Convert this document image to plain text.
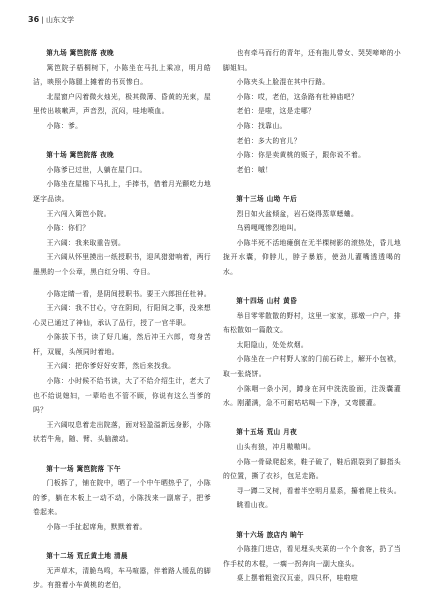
36 | 山东文学

第九场 篱笆院落 夜晚

篱笆院子梧桐树下，小陈坐在马扎上乘凉，明月皓洁，映照小陈腿上摊着的书页惨白。

北屋窗户闪着微火烛光，极其微薄、昏黄的光束，屋里传出咳嗽声，声音烈，沉闷，哇地喷血。

小陈：爹。

第十场 篱笆院落 夜晚

小陈爹已过世，人躺在屋门口。

小陈坐在屋檐下马扎上，手捧书，借着月光颤吃力地逐字品读。

王六闯入篱笆小院。

小陈：你们？

王六阔：我来取重告别。

王六阔从怀里摸出一纸授职书，迎风猎猎响着，两行墨黑的一个公章，黑白红分明、夺目。

小陈定睛一看，是阴间授职书。要王六郎担任杜神。

王六阔：我不甘心，守在阴间，行阳间之事，没来想心灵已通过了神仙，承认了品行，授了一官半职。

小陈拔下书，读了好几遍，然后冲王六郎，弯身苦杆，双履，头颅同时着地。

王六阔：把你爹好好安葬，然后来找我。

小陈：小时候不给书读，大了不给介绍生计，老大了也不给说媳妇，一辈哈也不管不顾，你说有这么当爹的吗？

王六阔叹息着走出院落，面对轻盈溢新远身影，小陈状若牛角，随、臂、头脑激动。

第十一场 篱笆院落 下午

门板拆了，铺在院中，晒了一个中午晒热乎了，小陈的爹，躺在木板上一动不动，小陈找来一副席子，把爹卷起来。

小陈一手扯起席角，默默着着。

第十二场 荒丘黄土地 清晨

无声草木，清脆鸟鸣，车马喧嚣，伴着路人缓乱的脚步。有推着小车黄桃的老伯，

也有牵马而行的青年，还有拖儿带女、哭哭啼啼的小脚姐妇。

小陈夹头上脸混在其中行路。

小陈：哎，老伯，这条路有杜神庙吧？

老伯：是啦，这是走哪？

小陈：找靠山。

老伯：多大的官儿？

小陈：你是卖黄桃的贩子，跟你说不着。

老伯：嘁！

第十三场 山坳 午后

烈日如火盆倾盆，岩石烧得蒸草蟋蛐。

乌鸦嘎嘎惨烈地叫。

小陈半死不活地瘫倒在无半棵树影的滚热处，昏儿地拢开水囊，仰脖儿，脖子暴筋，使劲儿灌嘴透透喝的水。

第十四场 山村 黄昏

举目零零散散的野村，这里一家家，那墩一户户，排布松散如一篇散文。

太阳隐山，处处炊烟。

小陈坐在一户村野人家的门前石砖上，解开小包袱，取一张烧饼。

小陈咽一条小河，蹲身在河中洗洗脸面，注泼囊灌水。刚灌满，急不可耐咕咕喝一下净，又弯腰灌。

第十五场 荒山 月夜

山头有狼，冲月嗷嗷叫。

小陈一骨碌爬起来，鞋子破了，鞋后跟裂到了脚指头的位置，撕了衣衫，包足走路。

寻一蹲二叉树，看着半空明月星系，攥着爬上枝头。

眺看山夜。

第十六场 旅店内 晌午

小陈推门进店，看见埋头夹菜的一个个食客，扔了当作手杖的木棍，一瘸一拐奔向一副大座头。

桌上摆着粗瓷汉瓦壶，四只杯，哇啦啦
